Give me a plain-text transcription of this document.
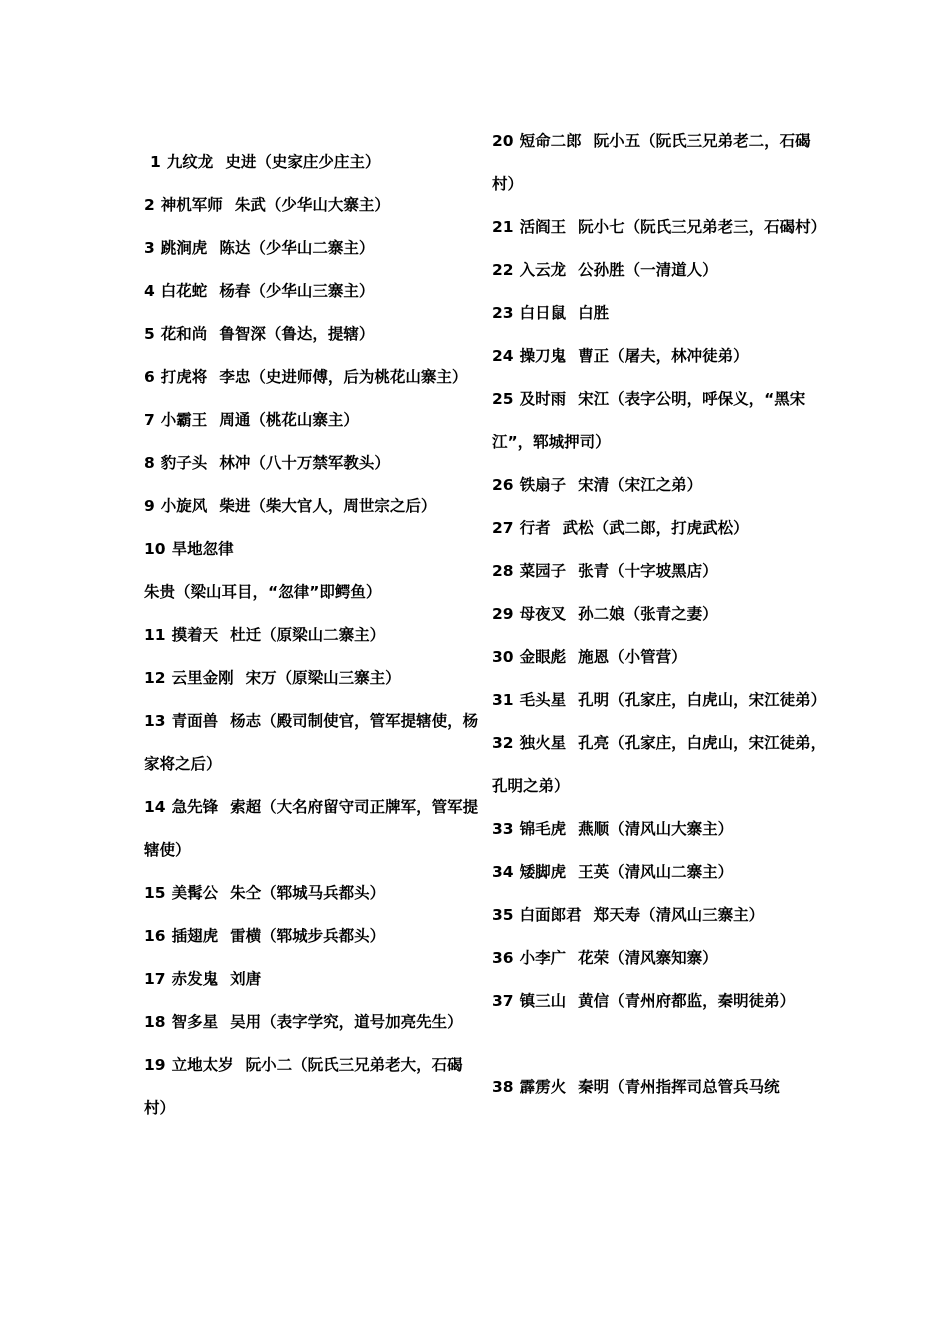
1 九纹龙 史进（史家庄少庄主）
2 神机军师 朱武（少华山大寨主）
3 跳涧虎 陈达（少华山二寨主）
4 白花蛇 杨春（少华山三寨主）
5 花和尚 鲁智深（鲁达，提辖）
6 打虎将 李忠（史进师傅，后为桃花山寨主）
7 小霸王 周通（桃花山寨主）
8 豹子头 林冲（八十万禁军教头）
9 小旋风 柴进（柴大官人，周世宗之后）
10 旱地忽律朱贵（梁山耳目，“忽律”即鳄鱼）
11 摸着天 杜迁（原梁山二寨主）
12 云里金刚 宋万（原梁山三寨主）
13 青面兽 杨志（殿司制使官，管军提辖使，杨家将之后）
14 急先锋 索超（大名府留守司正牌军，管军提辖使）
15 美髯公 朱仝（郓城马兵都头）
16 插翅虎 雷横（郓城步兵都头）
17 赤发鬼 刘唐
18 智多星 吴用（表字学究，道号加亮先生）
19 立地太岁 阮小二（阮氏三兄弟老大，石碣村）
20 短命二郎 阮小五（阮氏三兄弟老二，石碣村）
21 活阎王 阮小七（阮氏三兄弟老三，石碣村）
22 入云龙 公孙胜（一清道人）
23 白日鼠 白胜
24 操刀鬼 曹正（屠夫，林冲徒弟）
25 及时雨 宋江（表字公明，呼保义，“黑宋江”，郓城押司）
26 铁扇子 宋清（宋江之弟）
27 行者 武松（武二郎，打虎武松）
28 菜园子 张青（十字坡黑店）
29 母夜叉 孙二娘（张青之妻）
30 金眼彪 施恩（小管营）
31 毛头星 孔明（孔家庄，白虎山，宋江徒弟）
32 独火星 孔亮（孔家庄，白虎山，宋江徒弟，孔明之弟）
33 锦毛虎 燕顺（清风山大寨主）
34 矮脚虎 王英（清风山二寨主）
35 白面郎君 郑天寿（清风山三寨主）
36 小李广 花荣（清风寨知寨）
37 镇三山 黄信（青州府都监，秦明徒弟）
38 霹雳火 秦明（青州指挥司总管兵马统
